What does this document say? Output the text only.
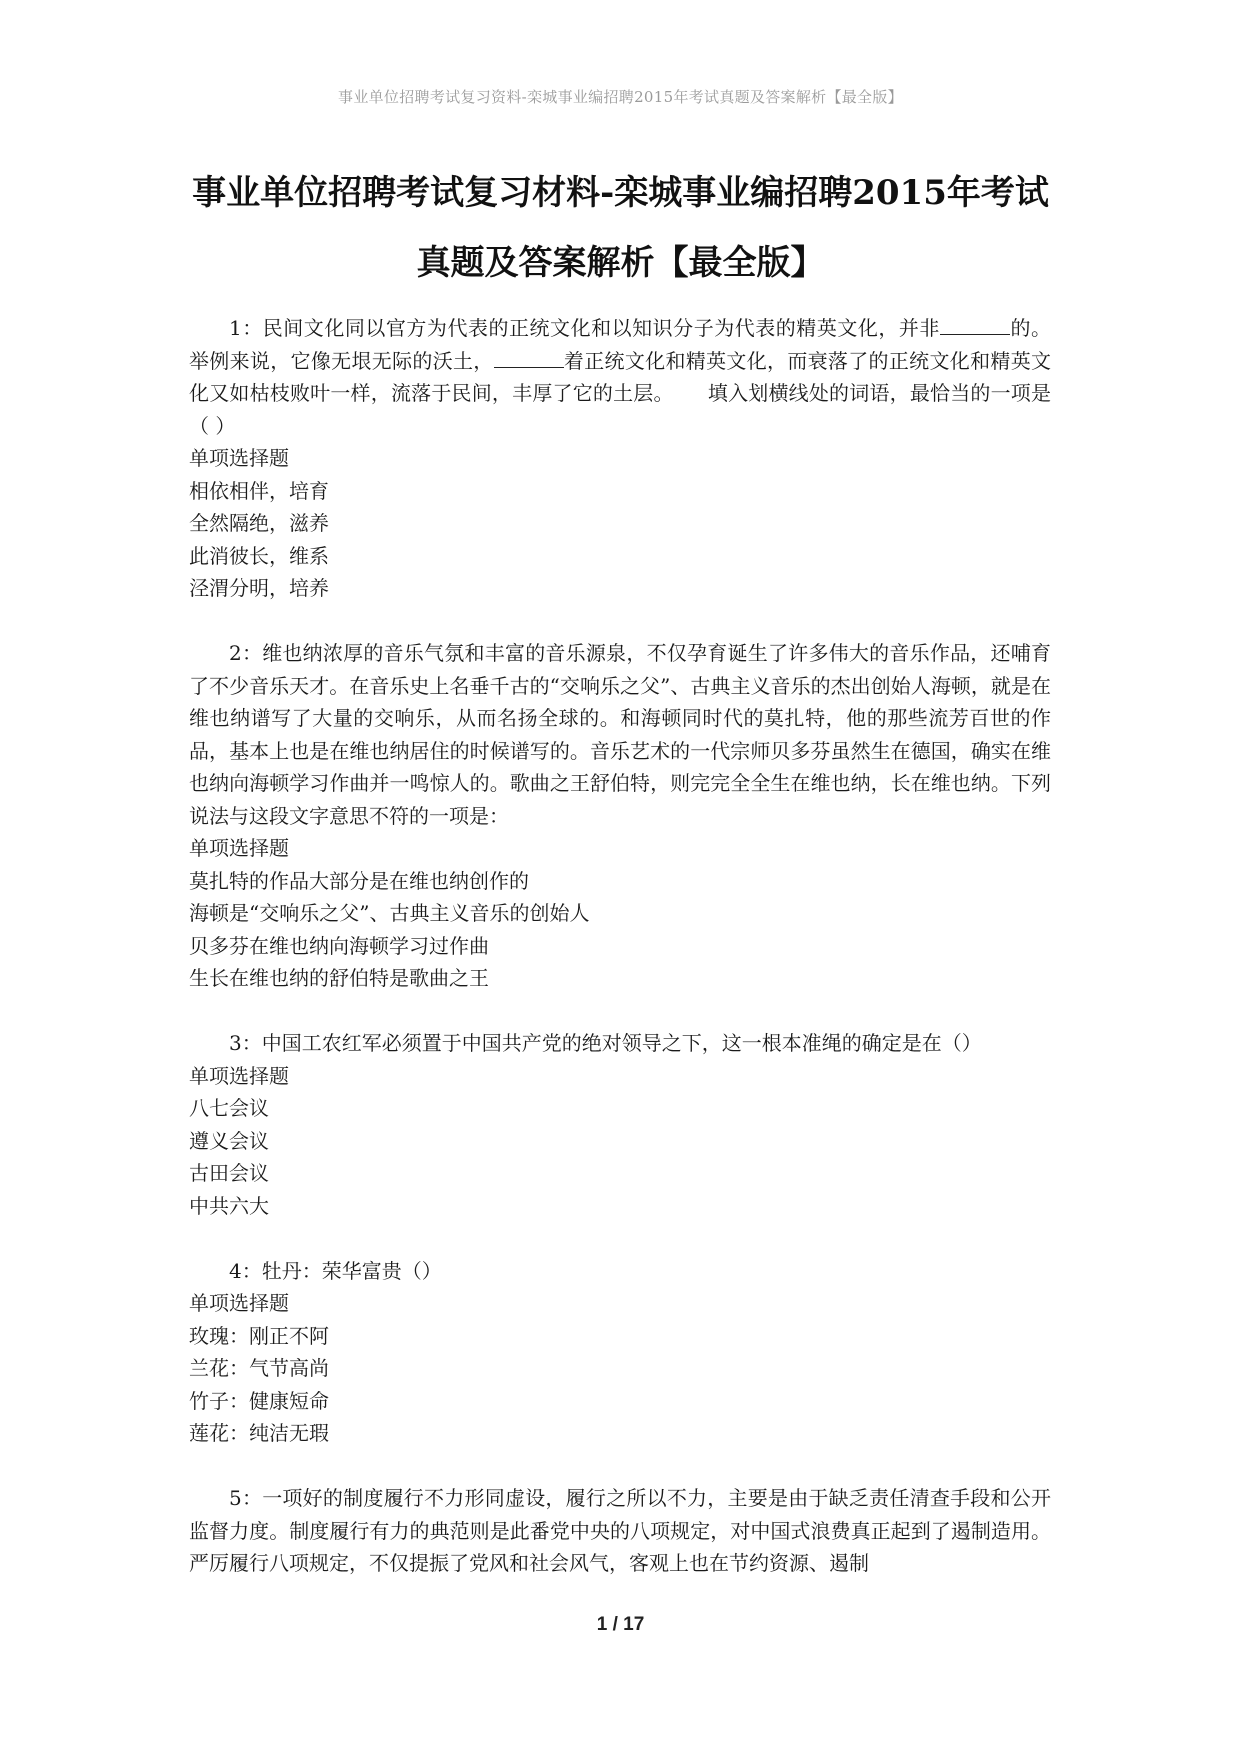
事业单位招聘考试复习资料-栾城事业编招聘2015年考试真题及答案解析【最全版】
事业单位招聘考试复习材料-栾城事业编招聘2015年考试
真题及答案解析【最全版】

1：民间文化同以官方为代表的正统文化和以知识分子为代表的精英文化，并非	的。举例来说，它像无垠无际的沃土，	着正统文化和精英文化，而衰落了的正统文化和精英文化又如枯枝败叶一样，流落于民间，丰厚了它的土层。 填入划横线处的词语，最恰当的一项是（ ）

单项选择题

相依相伴，培育

全然隔绝，滋养

此消彼长，维系

泾渭分明，培养

2：维也纳浓厚的音乐气氛和丰富的音乐源泉，不仅孕育诞生了许多伟大的音乐作品，还哺育了不少音乐天才。在音乐史上名垂千古的“交响乐之父”、古典主义音乐的杰出创始人海顿，就是在维也纳谱写了大量的交响乐，从而名扬全球的。和海顿同时代的莫扎特，他的那些流芳百世的作品，基本上也是在维也纳居住的时候谱写的。音乐艺术的一代宗师贝多芬虽然生在德国，确实在维也纳向海顿学习作曲并一鸣惊人的。歌曲之王舒伯特，则完完全全生在维也纳，长在维也纳。下列说法与这段文字意思不符的一项是：

单项选择题

莫扎特的作品大部分是在维也纳创作的

海顿是“交响乐之父”、古典主义音乐的创始人

贝多芬在维也纳向海顿学习过作曲

生长在维也纳的舒伯特是歌曲之王

3：中国工农红军必须置于中国共产党的绝对领导之下，这一根本准绳的确定是在（）

单项选择题

八七会议

遵义会议

古田会议

中共六大

4：牡丹：荣华富贵（）

单项选择题

玫瑰：刚正不阿

兰花：气节高尚

竹子：健康短命

莲花：纯洁无瑕

5：一项好的制度履行不力形同虚设，履行之所以不力，主要是由于缺乏责任清查手段和公开监督力度。制度履行有力的典范则是此番党中央的八项规定，对中国式浪费真正起到了遏制造用。严厉履行八项规定，不仅提振了党风和社会风气，客观上也在节约资源、遏制

1 / 17
